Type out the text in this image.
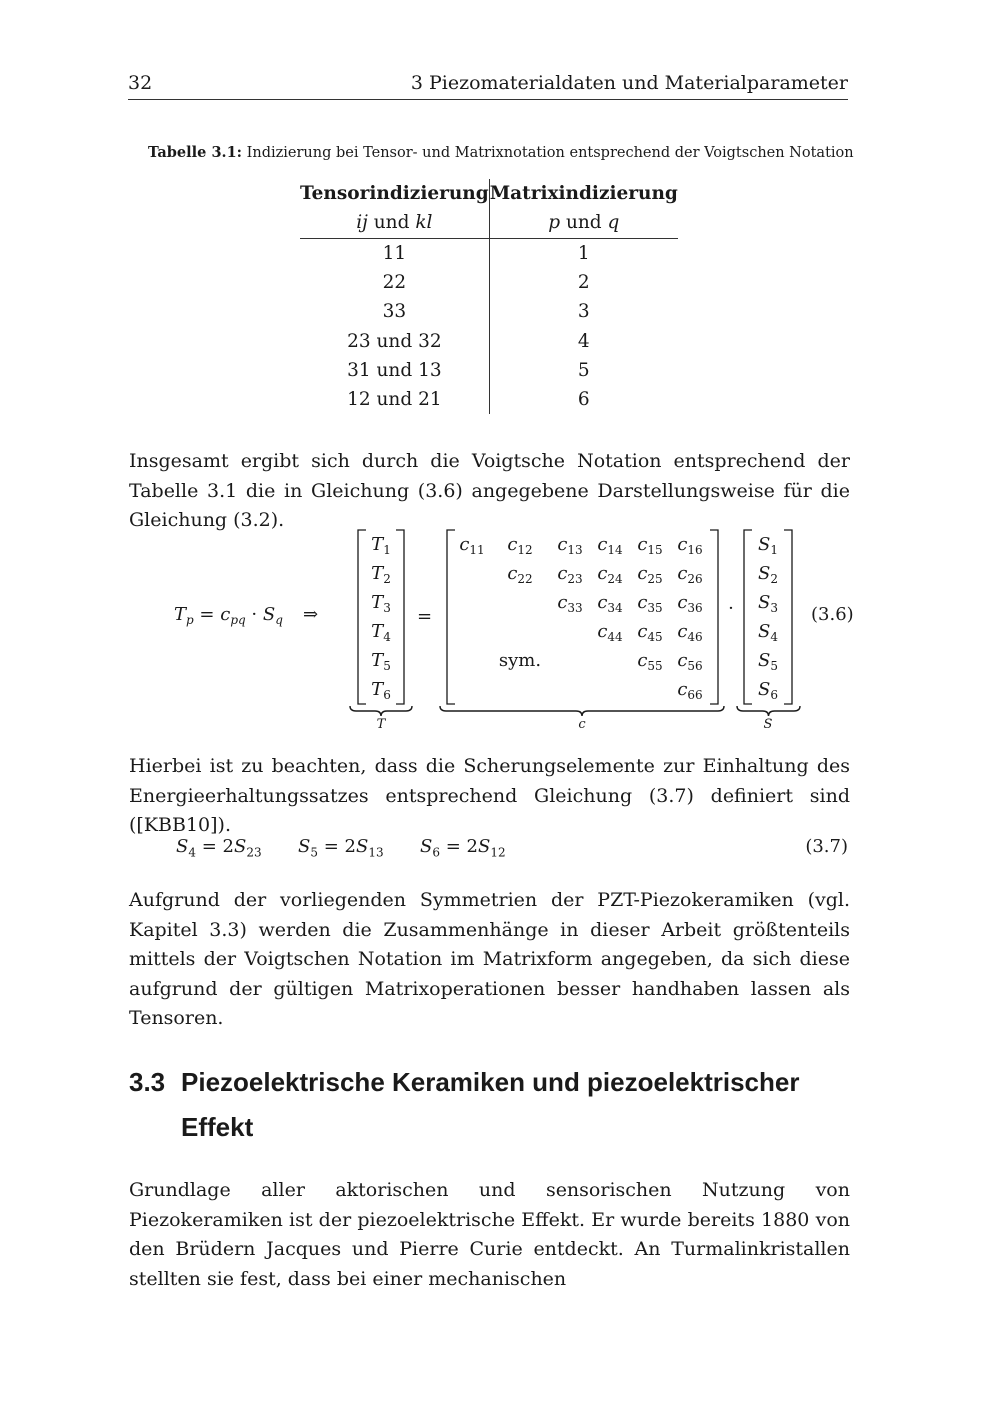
32	3 Piezomaterialdaten und Materialparameter
Tabelle 3.1: Indizierung bei Tensor- und Matrixnotation entsprechend der Voigtschen Notation
Tensorindizierung	Matrixindizierung
ij und kl	p und q
11	1
22	2
33	3
23 und 32	4
31 und 13	5
12 und 21	6
Insgesamt ergibt sich durch die Voigtsche Notation entsprechend der Tabelle 3.1 die in Gleichung (3.6) angegebene Darstellungsweise für die Gleichung (3.2).
$T_p = c_{pq} \cdot S_q$ ⇒
$T_1$
$T_2$
$T_3$
$T_4$
$T_5$
$T_6$
=
$c_{11}$ $c_{12}$ $c_{13}$ $c_{14}$ $c_{15}$ $c_{16}$
$c_{22}$ $c_{23}$ $c_{24}$ $c_{25}$ $c_{26}$
$c_{33}$ $c_{34}$ $c_{35}$ $c_{36}$
$c_{44}$ $c_{45}$ $c_{46}$
$c_{55}$ $c_{56}$
$c_{66}$
sym.
·
$S_1$
$S_2$
$S_3$
$S_4$
$S_5$
$S_6$
(3.6)
T	c	S
Hierbei ist zu beachten, dass die Scherungselemente zur Einhaltung des Energieerhaltungssatzes entsprechend Gleichung (3.7) definiert sind ([KBB10]).
$S_4 = 2S_{23}$ $S_5 = 2S_{13}$ $S_6 = 2S_{12}$	(3.7)
Aufgrund der vorliegenden Symmetrien der PZT-Piezokeramiken (vgl. Kapitel 3.3) werden die Zusammenhänge in dieser Arbeit größtenteils mittels der Voigtschen Notation im Matrixform angegeben, da sich diese aufgrund der gültigen Matrixoperationen besser handhaben lassen als Tensoren.
3.3 Piezoelektrische Keramiken und piezoelektrischer
Effekt
Grundlage aller aktorischen und sensorischen Nutzung von Piezokeramiken ist der piezoelektrische Effekt. Er wurde bereits 1880 von den Brüdern Jacques und Pierre Curie entdeckt. An Turmalinkristallen stellten sie fest, dass bei einer mechanischen
